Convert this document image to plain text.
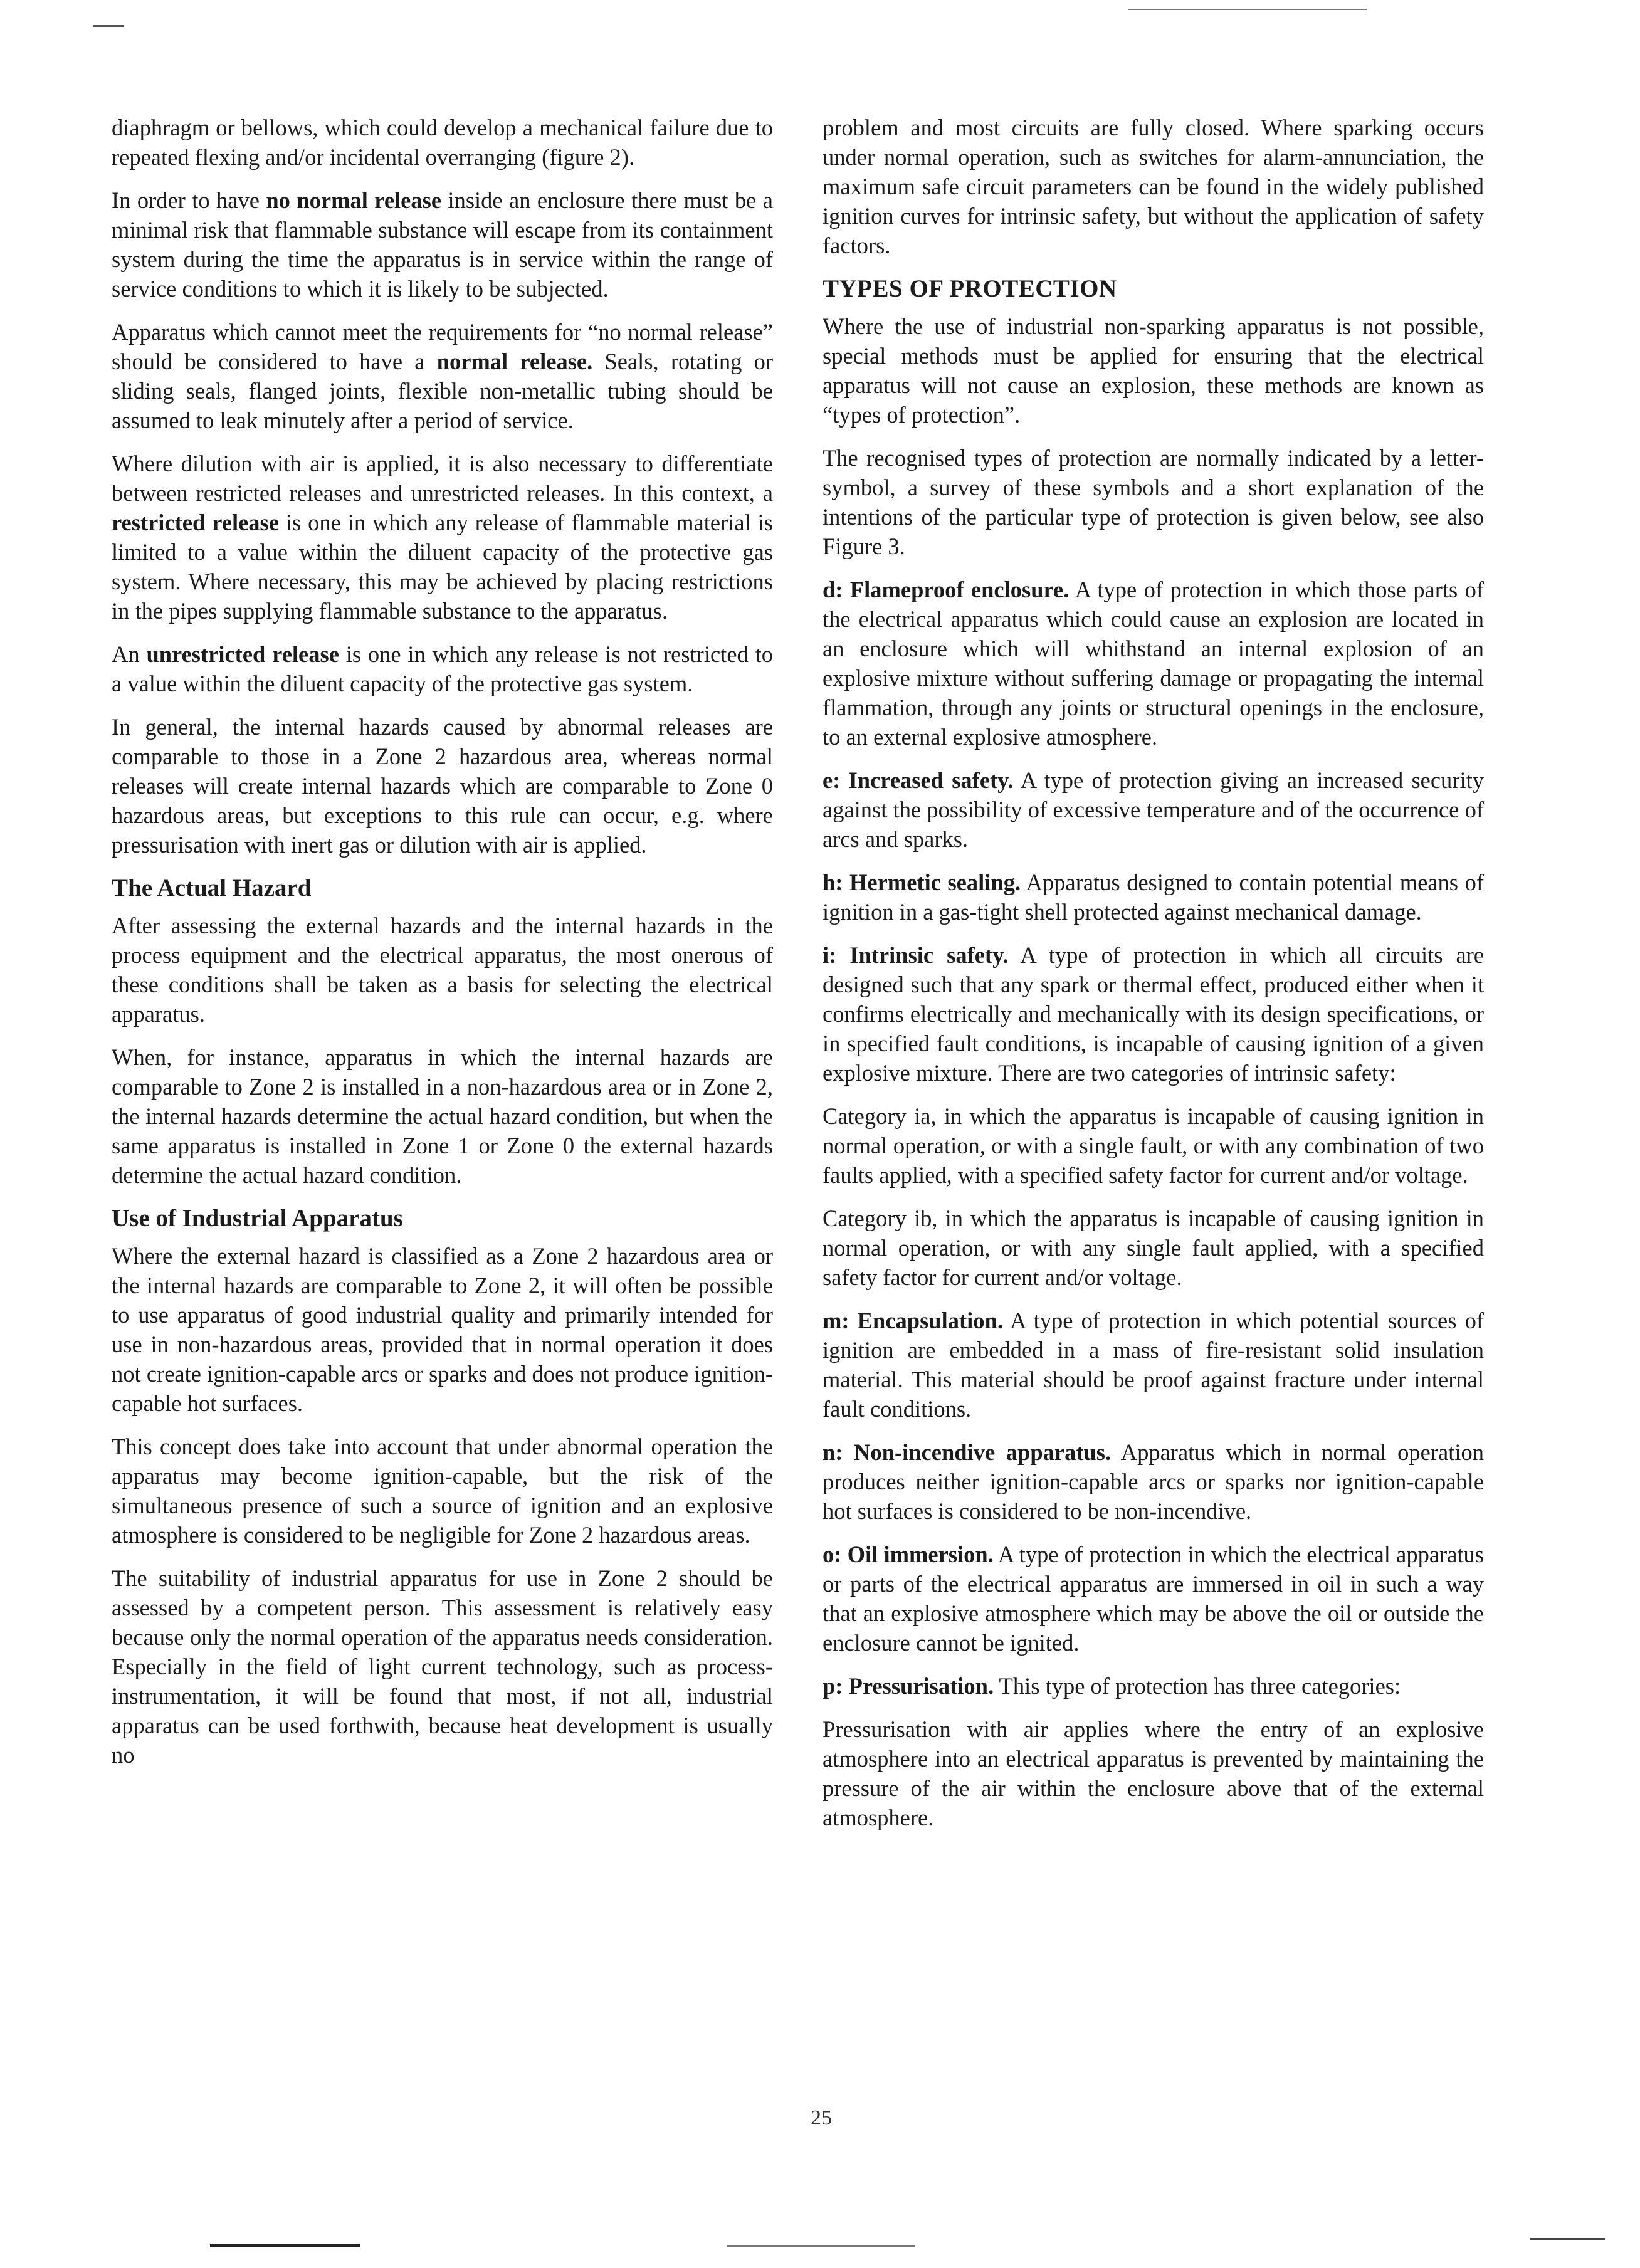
diaphragm or bellows, which could develop a mechanical failure due to repeated flexing and/or incidental overranging (figure 2).

In order to have no normal release inside an enclosure there must be a minimal risk that flammable substance will escape from its containment system during the time the apparatus is in service within the range of service conditions to which it is likely to be subjected.

Apparatus which cannot meet the requirements for “no normal release” should be considered to have a normal release. Seals, rotating or sliding seals, flanged joints, flexible non-metallic tubing should be assumed to leak minutely after a period of service.

Where dilution with air is applied, it is also necessary to differentiate between restricted releases and unrestricted releases. In this context, a restricted release is one in which any release of flammable material is limited to a value within the diluent capacity of the protective gas system. Where necessary, this may be achieved by placing restrictions in the pipes supplying flammable substance to the apparatus.

An unrestricted release is one in which any release is not restricted to a value within the diluent capacity of the protective gas system.

In general, the internal hazards caused by abnormal releases are comparable to those in a Zone 2 hazardous area, whereas normal releases will create internal hazards which are comparable to Zone 0 hazardous areas, but exceptions to this rule can occur, e.g. where pressurisation with inert gas or dilution with air is applied.

The Actual Hazard

After assessing the external hazards and the internal hazards in the process equipment and the electrical apparatus, the most onerous of these conditions shall be taken as a basis for selecting the electrical apparatus.

When, for instance, apparatus in which the internal hazards are comparable to Zone 2 is installed in a non-hazardous area or in Zone 2, the internal hazards determine the actual hazard condition, but when the same apparatus is installed in Zone 1 or Zone 0 the external hazards determine the actual hazard condition.

Use of Industrial Apparatus

Where the external hazard is classified as a Zone 2 hazardous area or the internal hazards are comparable to Zone 2, it will often be possible to use apparatus of good industrial quality and primarily intended for use in non-hazardous areas, provided that in normal operation it does not create ignition-capable arcs or sparks and does not produce ignition-capable hot surfaces.

This concept does take into account that under abnormal operation the apparatus may become ignition-capable, but the risk of the simultaneous presence of such a source of ignition and an explosive atmosphere is considered to be negligible for Zone 2 hazardous areas.

The suitability of industrial apparatus for use in Zone 2 should be assessed by a competent person. This assessment is relatively easy because only the normal operation of the apparatus needs consideration. Especially in the field of light current technology, such as process-instrumentation, it will be found that most, if not all, industrial apparatus can be used forthwith, because heat development is usually no

problem and most circuits are fully closed. Where sparking occurs under normal operation, such as switches for alarm-annunciation, the maximum safe circuit parameters can be found in the widely published ignition curves for intrinsic safety, but without the application of safety factors.

TYPES OF PROTECTION

Where the use of industrial non-sparking apparatus is not possible, special methods must be applied for ensuring that the electrical apparatus will not cause an explosion, these methods are known as “types of protection”.

The recognised types of protection are normally indicated by a letter-symbol, a survey of these symbols and a short explanation of the intentions of the particular type of protection is given below, see also Figure 3.

d: Flameproof enclosure. A type of protection in which those parts of the electrical apparatus which could cause an explosion are located in an enclosure which will whithstand an internal explosion of an explosive mixture without suffering damage or propagating the internal flammation, through any joints or structural openings in the enclosure, to an external explosive atmosphere.

e: Increased safety. A type of protection giving an increased security against the possibility of excessive temperature and of the occurrence of arcs and sparks.

h: Hermetic sealing. Apparatus designed to contain potential means of ignition in a gas-tight shell protected against mechanical damage.

i: Intrinsic safety. A type of protection in which all circuits are designed such that any spark or thermal effect, produced either when it confirms electrically and mechanically with its design specifications, or in specified fault conditions, is incapable of causing ignition of a given explosive mixture. There are two categories of intrinsic safety:

Category ia, in which the apparatus is incapable of causing ignition in normal operation, or with a single fault, or with any combination of two faults applied, with a specified safety factor for current and/or voltage.

Category ib, in which the apparatus is incapable of causing ignition in normal operation, or with any single fault applied, with a specified safety factor for current and/or voltage.

m: Encapsulation. A type of protection in which potential sources of ignition are embedded in a mass of fire-resistant solid insulation material. This material should be proof against fracture under internal fault conditions.

n: Non-incendive apparatus. Apparatus which in normal operation produces neither ignition-capable arcs or sparks nor ignition-capable hot surfaces is considered to be non-incendive.

o: Oil immersion. A type of protection in which the electrical apparatus or parts of the electrical apparatus are immersed in oil in such a way that an explosive atmosphere which may be above the oil or outside the enclosure cannot be ignited.

p: Pressurisation. This type of protection has three categories:

Pressurisation with air applies where the entry of an explosive atmosphere into an electrical apparatus is prevented by maintaining the pressure of the air within the enclosure above that of the external atmosphere.

25
